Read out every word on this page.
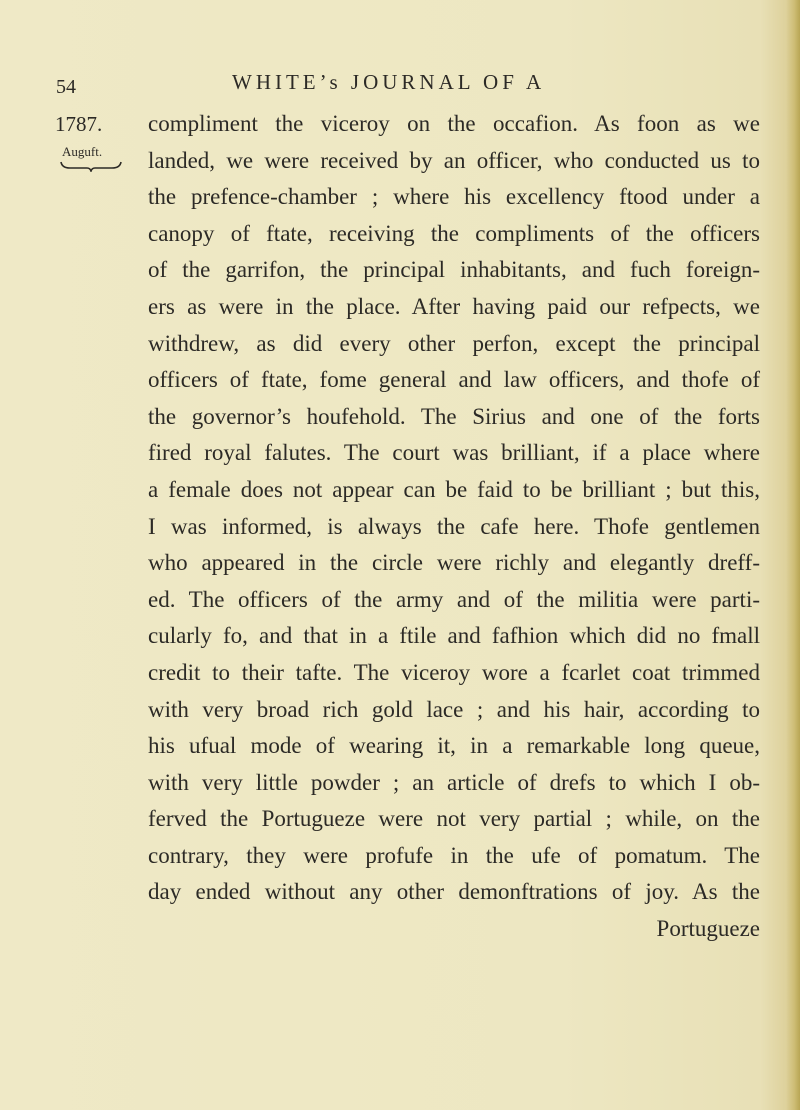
54	WHITE’s JOURNAL OF A
1787.
Auguft.
compliment the viceroy on the occafion. As foon as we
landed, we were received by an officer, who conducted us to
the prefence-chamber ; where his excellency ftood under a
canopy of ftate, receiving the compliments of the officers
of the garrifon, the principal inhabitants, and fuch foreign-
ers as were in the place. After having paid our refpects, we
withdrew, as did every other perfon, except the principal
officers of ftate, fome general and law officers, and thofe of
the governor’s houfehold. The Sirius and one of the forts
fired royal falutes. The court was brilliant, if a place where
a female does not appear can be faid to be brilliant ; but this,
I was informed, is always the cafe here. Thofe gentlemen
who appeared in the circle were richly and elegantly dreff-
ed. The officers of the army and of the militia were parti-
cularly fo, and that in a ftile and fafhion which did no fmall
credit to their tafte. The viceroy wore a fcarlet coat trimmed
with very broad rich gold lace ; and his hair, according to
his ufual mode of wearing it, in a remarkable long queue,
with very little powder ; an article of drefs to which I ob-
ferved the Portugueze were not very partial ; while, on the
contrary, they were profufe in the ufe of pomatum. The
day ended without any other demonftrations of joy. As the
Portugueze
